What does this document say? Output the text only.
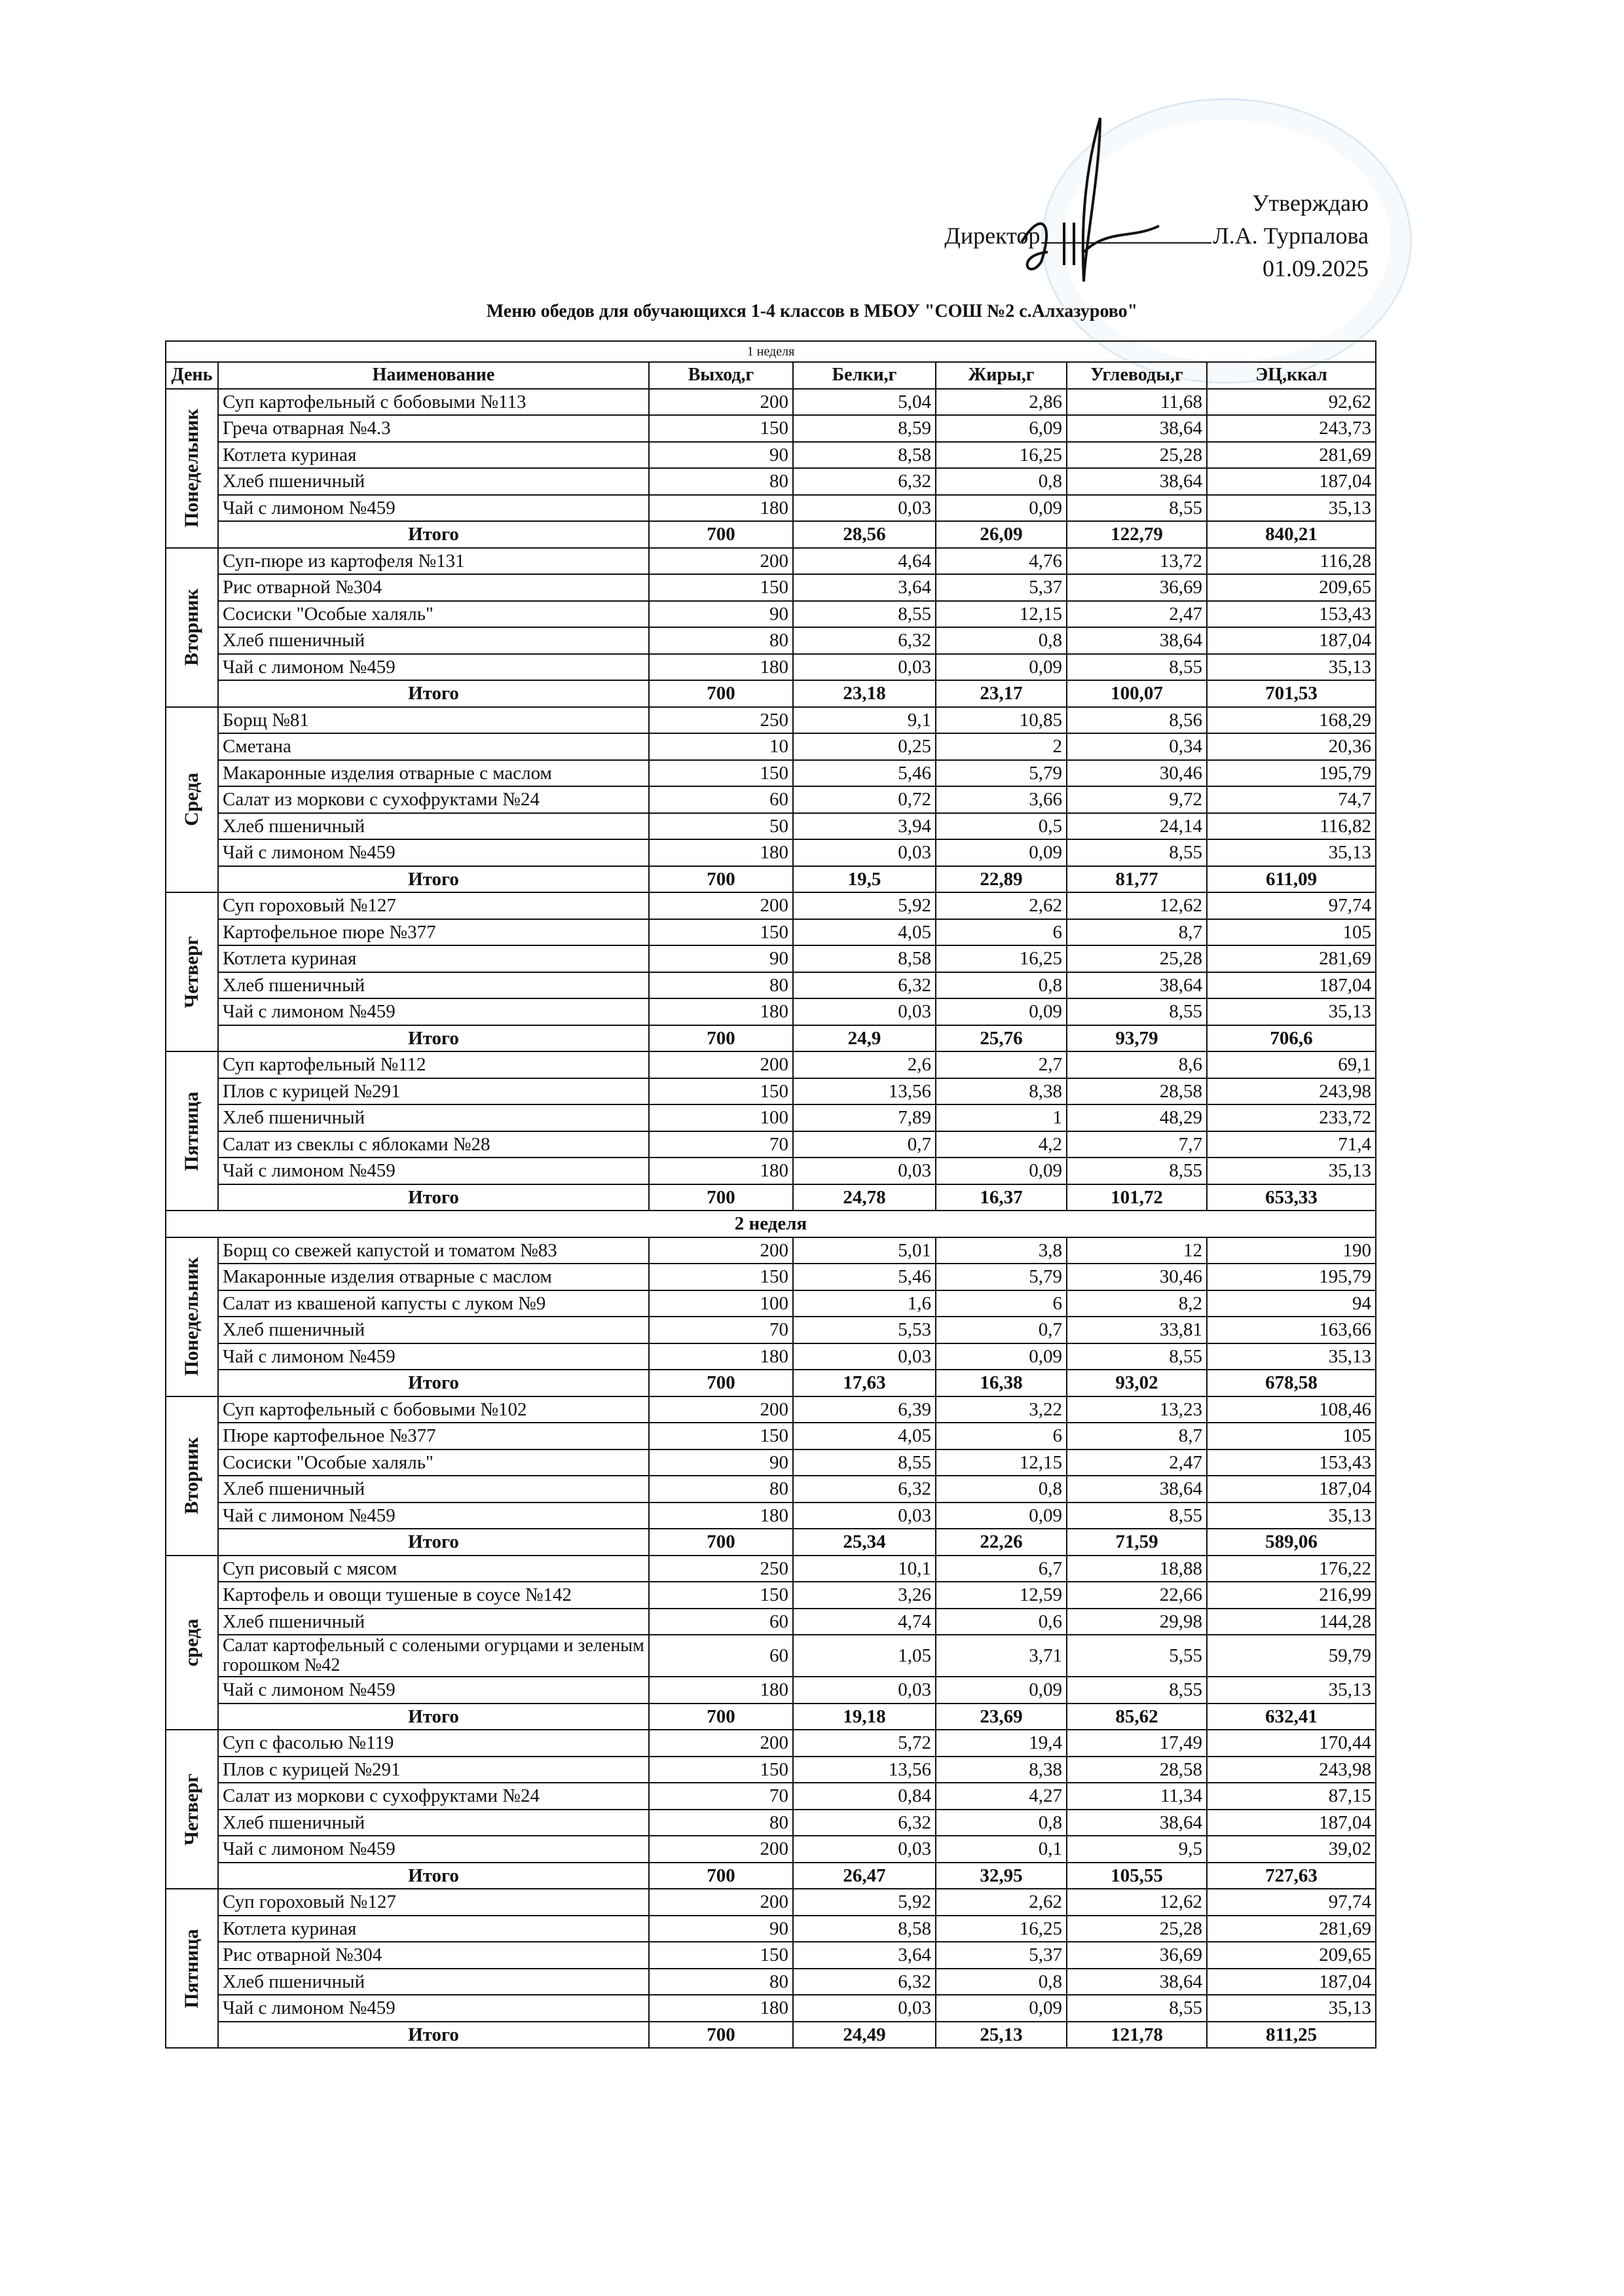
Утверждаю
Директор	Л.А. Турпалова
01.09.2025
Меню обедов для обучающихся 1-4 классов в МБОУ "СОШ №2 с.Алхазурово"
1 неделя						
День	Наименование	Выход,г	Белки,г	Жиры,г	Углеводы,г	ЭЦ,ккал

Понедельник	Суп картофельный с бобовыми №113	200	5,04	2,86	11,68	92,62
	Греча отварная №4.3	150	8,59	6,09	38,64	243,73
	Котлета куриная	90	8,58	16,25	25,28	281,69
	Хлеб пшеничный	80	6,32	0,8	38,64	187,04
	Чай с лимоном №459	180	0,03	0,09	8,55	35,13
	Итого	700	28,56	26,09	122,79	840,21

Вторник	Суп-пюре из картофеля №131	200	4,64	4,76	13,72	116,28
	Рис отварной №304	150	3,64	5,37	36,69	209,65
	Сосиски "Особые халяль"	90	8,55	12,15	2,47	153,43
	Хлеб пшеничный	80	6,32	0,8	38,64	187,04
	Чай с лимоном №459	180	0,03	0,09	8,55	35,13
	Итого	700	23,18	23,17	100,07	701,53

Среда	Борщ №81	250	9,1	10,85	8,56	168,29
	Сметана	10	0,25	2	0,34	20,36
	Макаронные изделия отварные с маслом	150	5,46	5,79	30,46	195,79
	Салат из моркови с сухофруктами №24	60	0,72	3,66	9,72	74,7
	Хлеб пшеничный	50	3,94	0,5	24,14	116,82
	Чай с лимоном №459	180	0,03	0,09	8,55	35,13
	Итого	700	19,5	22,89	81,77	611,09

Четверг	Суп гороховый №127	200	5,92	2,62	12,62	97,74
	Картофельное пюре №377	150	4,05	6	8,7	105
	Котлета куриная	90	8,58	16,25	25,28	281,69
	Хлеб пшеничный	80	6,32	0,8	38,64	187,04
	Чай с лимоном №459	180	0,03	0,09	8,55	35,13
	Итого	700	24,9	25,76	93,79	706,6

Пятница	Суп картофельный №112	200	2,6	2,7	8,6	69,1
	Плов с курицей №291	150	13,56	8,38	28,58	243,98
	Хлеб пшеничный	100	7,89	1	48,29	233,72
	Салат из свеклы с яблоками №28	70	0,7	4,2	7,7	71,4
	Чай с лимоном №459	180	0,03	0,09	8,55	35,13
	Итого	700	24,78	16,37	101,72	653,33
2 неделя						

Понедельник	Борщ со свежей капустой и томатом №83	200	5,01	3,8	12	190
	Макаронные изделия отварные с маслом	150	5,46	5,79	30,46	195,79
	Салат из квашеной капусты с луком №9	100	1,6	6	8,2	94
	Хлеб пшеничный	70	5,53	0,7	33,81	163,66
	Чай с лимоном №459	180	0,03	0,09	8,55	35,13
	Итого	700	17,63	16,38	93,02	678,58

Вторник	Суп картофельный с бобовыми №102	200	6,39	3,22	13,23	108,46
	Пюре картофельное №377	150	4,05	6	8,7	105
	Сосиски "Особые халяль"	90	8,55	12,15	2,47	153,43
	Хлеб пшеничный	80	6,32	0,8	38,64	187,04
	Чай с лимоном №459	180	0,03	0,09	8,55	35,13
	Итого	700	25,34	22,26	71,59	589,06

среда	Суп рисовый с мясом	250	10,1	6,7	18,88	176,22
	Картофель и овощи тушеные в соусе №142	150	3,26	12,59	22,66	216,99
	Хлеб пшеничный	60	4,74	0,6	29,98	144,28
	Салат картофельный с солеными огурцами и зеленым горошком №42	60	1,05	3,71	5,55	59,79
	Чай с лимоном №459	180	0,03	0,09	8,55	35,13
	Итого	700	19,18	23,69	85,62	632,41

Четверг	Суп с фасолью №119	200	5,72	19,4	17,49	170,44
	Плов с курицей №291	150	13,56	8,38	28,58	243,98
	Салат из моркови с сухофруктами №24	70	0,84	4,27	11,34	87,15
	Хлеб пшеничный	80	6,32	0,8	38,64	187,04
	Чай с лимоном №459	200	0,03	0,1	9,5	39,02
	Итого	700	26,47	32,95	105,55	727,63

Пятница	Суп гороховый №127	200	5,92	2,62	12,62	97,74
	Котлета куриная	90	8,58	16,25	25,28	281,69
	Рис отварной №304	150	3,64	5,37	36,69	209,65
	Хлеб пшеничный	80	6,32	0,8	38,64	187,04
	Чай с лимоном №459	180	0,03	0,09	8,55	35,13
	Итого	700	24,49	25,13	121,78	811,25
